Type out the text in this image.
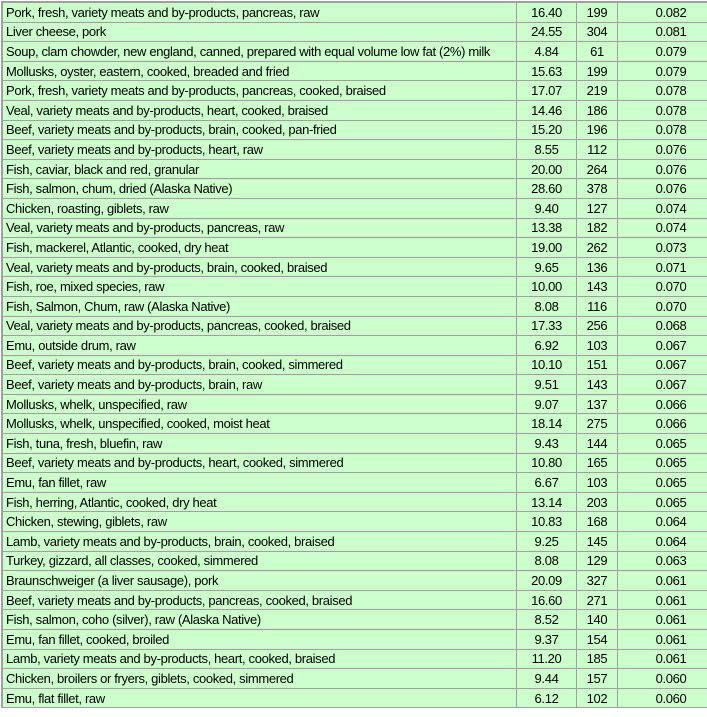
Pork, fresh, variety meats and by-products, pancreas, raw	16.40	199	0.082
Liver cheese, pork	24.55	304	0.081
Soup, clam chowder, new england, canned, prepared with equal volume low fat (2%) milk	4.84	61	0.079
Mollusks, oyster, eastern, cooked, breaded and fried	15.63	199	0.079
Pork, fresh, variety meats and by-products, pancreas, cooked, braised	17.07	219	0.078
Veal, variety meats and by-products, heart, cooked, braised	14.46	186	0.078
Beef, variety meats and by-products, brain, cooked, pan-fried	15.20	196	0.078
Beef, variety meats and by-products, heart, raw	8.55	112	0.076
Fish, caviar, black and red, granular	20.00	264	0.076
Fish, salmon, chum, dried (Alaska Native)	28.60	378	0.076
Chicken, roasting, giblets, raw	9.40	127	0.074
Veal, variety meats and by-products, pancreas, raw	13.38	182	0.074
Fish, mackerel, Atlantic, cooked, dry heat	19.00	262	0.073
Veal, variety meats and by-products, brain, cooked, braised	9.65	136	0.071
Fish, roe, mixed species, raw	10.00	143	0.070
Fish, Salmon, Chum, raw (Alaska Native)	8.08	116	0.070
Veal, variety meats and by-products, pancreas, cooked, braised	17.33	256	0.068
Emu, outside drum, raw	6.92	103	0.067
Beef, variety meats and by-products, brain, cooked, simmered	10.10	151	0.067
Beef, variety meats and by-products, brain, raw	9.51	143	0.067
Mollusks, whelk, unspecified, raw	9.07	137	0.066
Mollusks, whelk, unspecified, cooked, moist heat	18.14	275	0.066
Fish, tuna, fresh, bluefin, raw	9.43	144	0.065
Beef, variety meats and by-products, heart, cooked, simmered	10.80	165	0.065
Emu, fan fillet, raw	6.67	103	0.065
Fish, herring, Atlantic, cooked, dry heat	13.14	203	0.065
Chicken, stewing, giblets, raw	10.83	168	0.064
Lamb, variety meats and by-products, brain, cooked, braised	9.25	145	0.064
Turkey, gizzard, all classes, cooked, simmered	8.08	129	0.063
Braunschweiger (a liver sausage), pork	20.09	327	0.061
Beef, variety meats and by-products, pancreas, cooked, braised	16.60	271	0.061
Fish, salmon, coho (silver), raw (Alaska Native)	8.52	140	0.061
Emu, fan fillet, cooked, broiled	9.37	154	0.061
Lamb, variety meats and by-products, heart, cooked, braised	11.20	185	0.061
Chicken, broilers or fryers, giblets, cooked, simmered	9.44	157	0.060
Emu, flat fillet, raw	6.12	102	0.060
